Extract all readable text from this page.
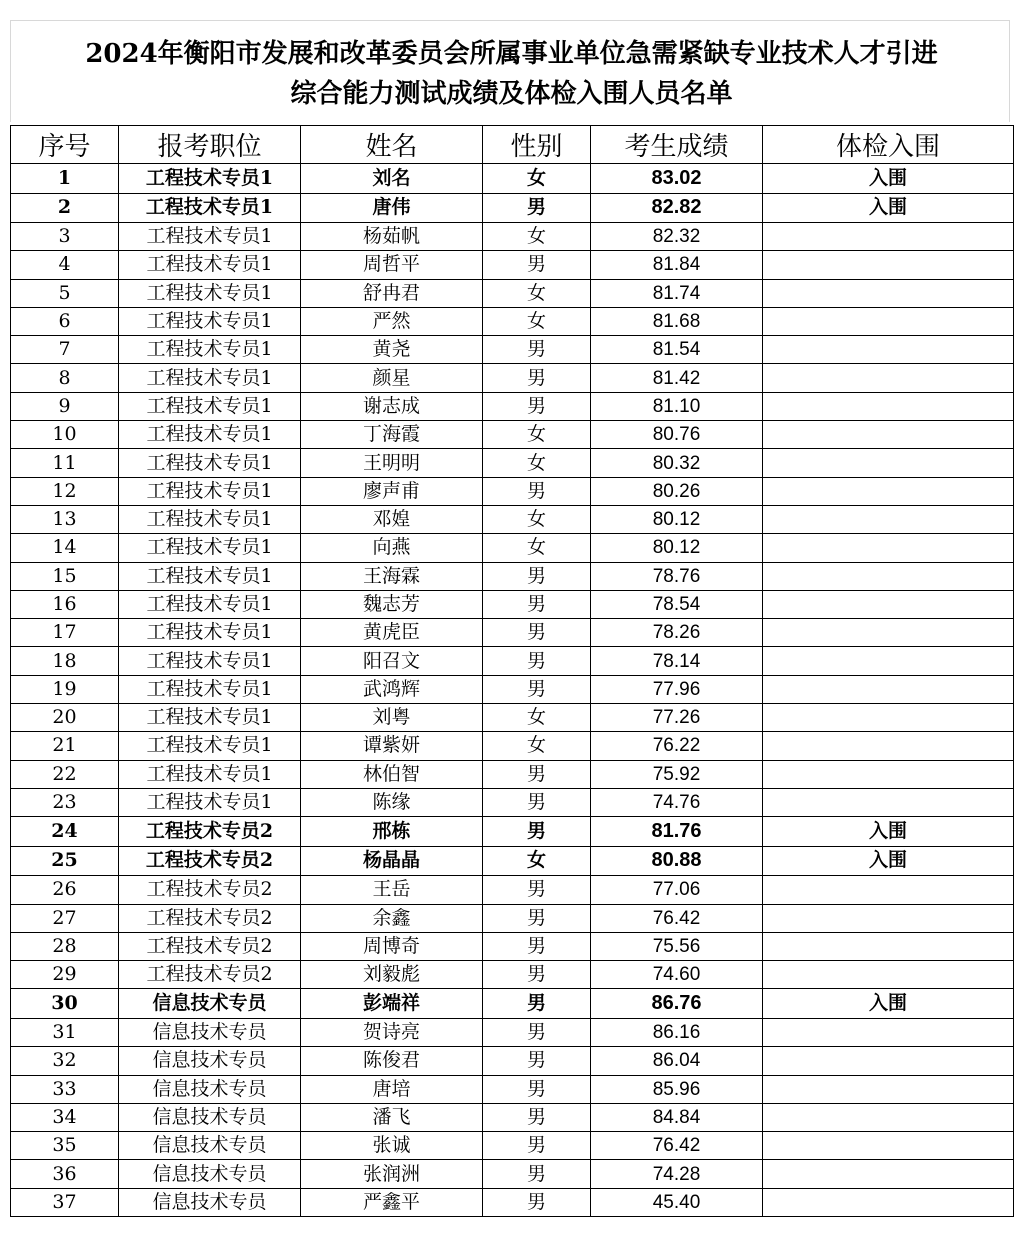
2024年衡阳市发展和改革委员会所属事业单位急需紧缺专业技术人才引进
综合能力测试成绩及体检入围人员名单
序号	报考职位	姓名	性别	考生成绩	体检入围
1	工程技术专员1	刘名	女	83.02	入围
2	工程技术专员1	唐伟	男	82.82	入围
3	工程技术专员1	杨茹帆	女	82.32	
4	工程技术专员1	周哲平	男	81.84	
5	工程技术专员1	舒冉君	女	81.74	
6	工程技术专员1	严然	女	81.68	
7	工程技术专员1	黄尧	男	81.54	
8	工程技术专员1	颜星	男	81.42	
9	工程技术专员1	谢志成	男	81.10	
10	工程技术专员1	丁海霞	女	80.76	
11	工程技术专员1	王明明	女	80.32	
12	工程技术专员1	廖声甫	男	80.26	
13	工程技术专员1	邓媓	女	80.12	
14	工程技术专员1	向燕	女	80.12	
15	工程技术专员1	王海霖	男	78.76	
16	工程技术专员1	魏志芳	男	78.54	
17	工程技术专员1	黄虎臣	男	78.26	
18	工程技术专员1	阳召文	男	78.14	
19	工程技术专员1	武鸿辉	男	77.96	
20	工程技术专员1	刘粤	女	77.26	
21	工程技术专员1	谭紫妍	女	76.22	
22	工程技术专员1	林伯智	男	75.92	
23	工程技术专员1	陈缘	男	74.76	
24	工程技术专员2	邢栋	男	81.76	入围
25	工程技术专员2	杨晶晶	女	80.88	入围
26	工程技术专员2	王岳	男	77.06	
27	工程技术专员2	余鑫	男	76.42	
28	工程技术专员2	周博奇	男	75.56	
29	工程技术专员2	刘毅彪	男	74.60	
30	信息技术专员	彭端祥	男	86.76	入围
31	信息技术专员	贺诗亮	男	86.16	
32	信息技术专员	陈俊君	男	86.04	
33	信息技术专员	唐培	男	85.96	
34	信息技术专员	潘飞	男	84.84	
35	信息技术专员	张诚	男	76.42	
36	信息技术专员	张润洲	男	74.28	
37	信息技术专员	严鑫平	男	45.40	
